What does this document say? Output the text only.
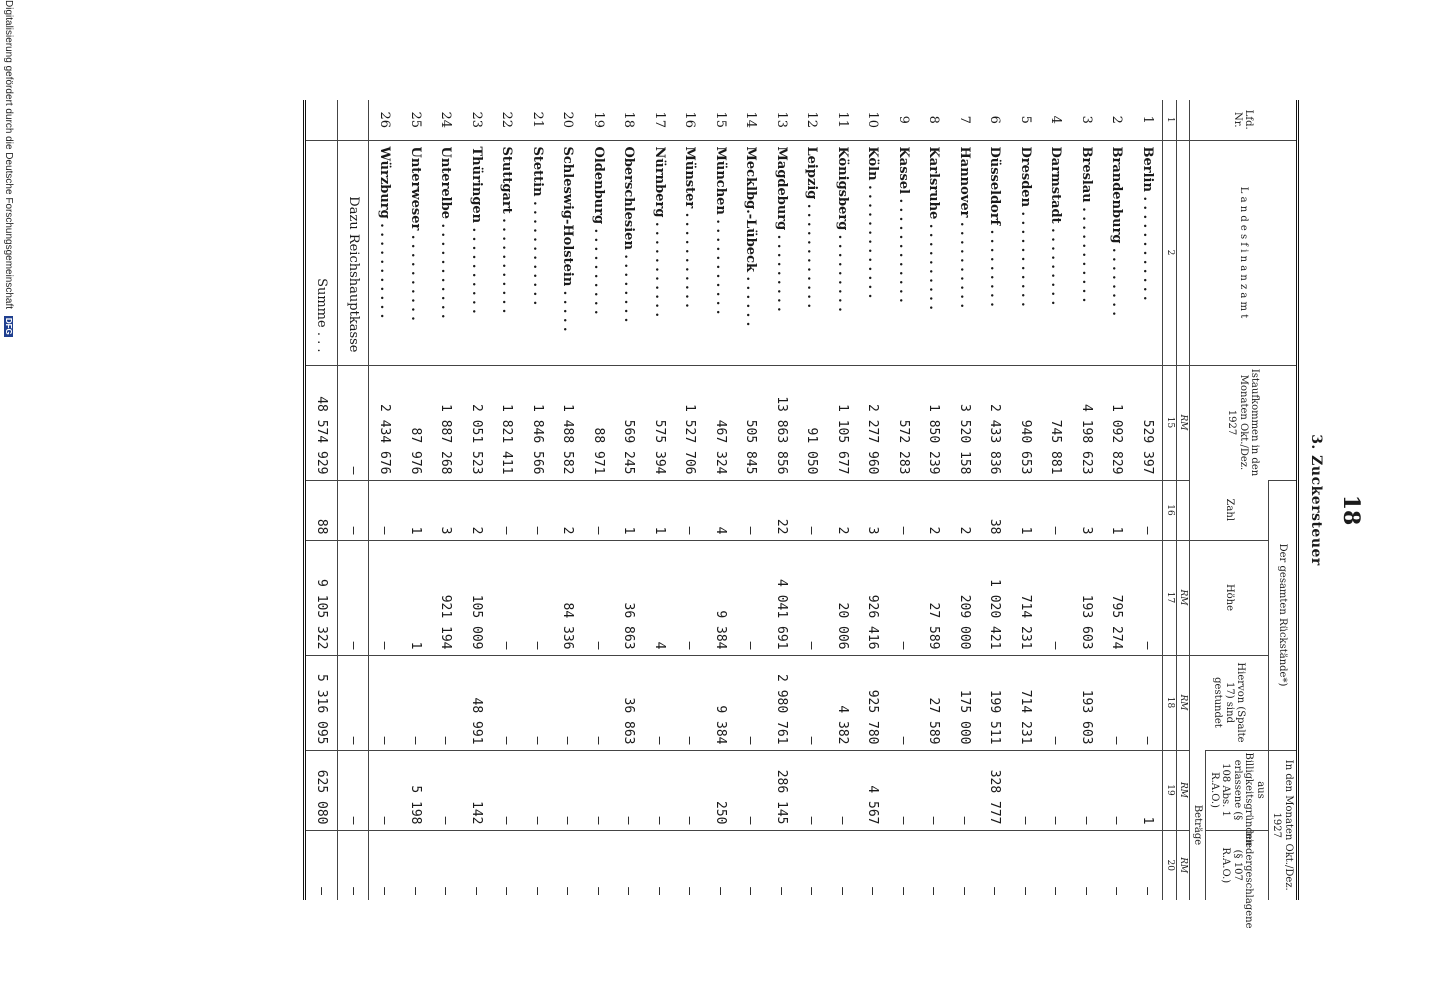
18
3. Zuckersteuer
Lfd. Nr.	L a n d e s f i n a n z a m t	Istaufkommen in den Monaten Okt./Dez. 1927	Der gesamten Rückstände*)			In den Monaten Okt./Dez. 1927	
			Zahl	Höhe	Hiervon (Spalte 17) sind gestundet	aus Billigkeitsgründen erlassene (§ 108 Abs. 1 R.A.O.)	niedergeschlagene (§ 107 R.A.O.)
						Beträge	
		RM		RM	RM	RM	RM
1	2	15	16	17	18	19	20
1	Berlin . . . . . . . . . . . .	529 397	—	—	—	1	—
2	Brandenburg . . . . . . . .	1 092 829	1	795 274	—	—	—
3	Breslau . . . . . . . . . . .	4 198 623	3	193 603	193 603	—	—
4	Darmstadt . . . . . . . . .	745 881	—	—	—	—	—
5	Dresden . . . . . . . . . . .	940 653	1	714 231	714 231	—	—
6	Düsseldorf . . . . . . . . .	2 433 836	38	1 020 421	199 511	328 777	—
7	Hannover . . . . . . . . . .	3 520 158	2	209 000	175 000	—	—
8	Karlsruhe . . . . . . . . . .	1 850 239	2	27 589	27 589	—	—
9	Kassel . . . . . . . . . . . .	572 283	—	—	—	—	—
10	Köln . . . . . . . . . . . . .	2 277 960	3	926 416	925 780	4 567	—
11	Königsberg . . . . . . . . .	1 105 677	2	20 006	4 382	—	—
12	Leipzig . . . . . . . . . . . .	91 050	—	—	—	—	—
13	Magdeburg . . . . . . . . .	13 863 856	22	4 041 691	2 980 761	286 145	—
14	Mecklbg.-Lübeck . . . . . .	505 845	—	—	—	—	—
15	München . . . . . . . . . . .	467 324	4	9 384	9 384	250	—
16	Münster . . . . . . . . . . .	1 527 706	—	—	—	—	—
17	Nürnberg . . . . . . . . . . .	575 394	1	4	—	—	—
18	Oberschlesien . . . . . . . .	569 245	1	36 863	36 863	—	—
19	Oldenburg . . . . . . . . . .	88 971	—	—	—	—	—
20	Schleswig-Holstein . . . . .	1 488 582	2	84 336	—	—	—
21	Stettin . . . . . . . . . . . .	1 846 566	—	—	—	—	—
22	Stuttgart . . . . . . . . . . .	1 821 411	—	—	—	—	—
23	Thüringen . . . . . . . . . .	2 051 523	2	105 009	48 991	142	—
24	Unterelbe . . . . . . . . . . .	1 887 268	3	921 194	—	—	—
25	Unterweser . . . . . . . . . .	87 976	1	1	—	5 198	—
26	Würzburg . . . . . . . . . . .	2 434 676	—	—	—	—	—
	Dazu Reichshauptkasse	—	—	—	—	—	—
	Summe . . .	48 574 929	88	9 105 322	5 316 095	625 080	—
Digitalisierung gefördert durch die Deutsche Forschungsgemeinschaft DFG
